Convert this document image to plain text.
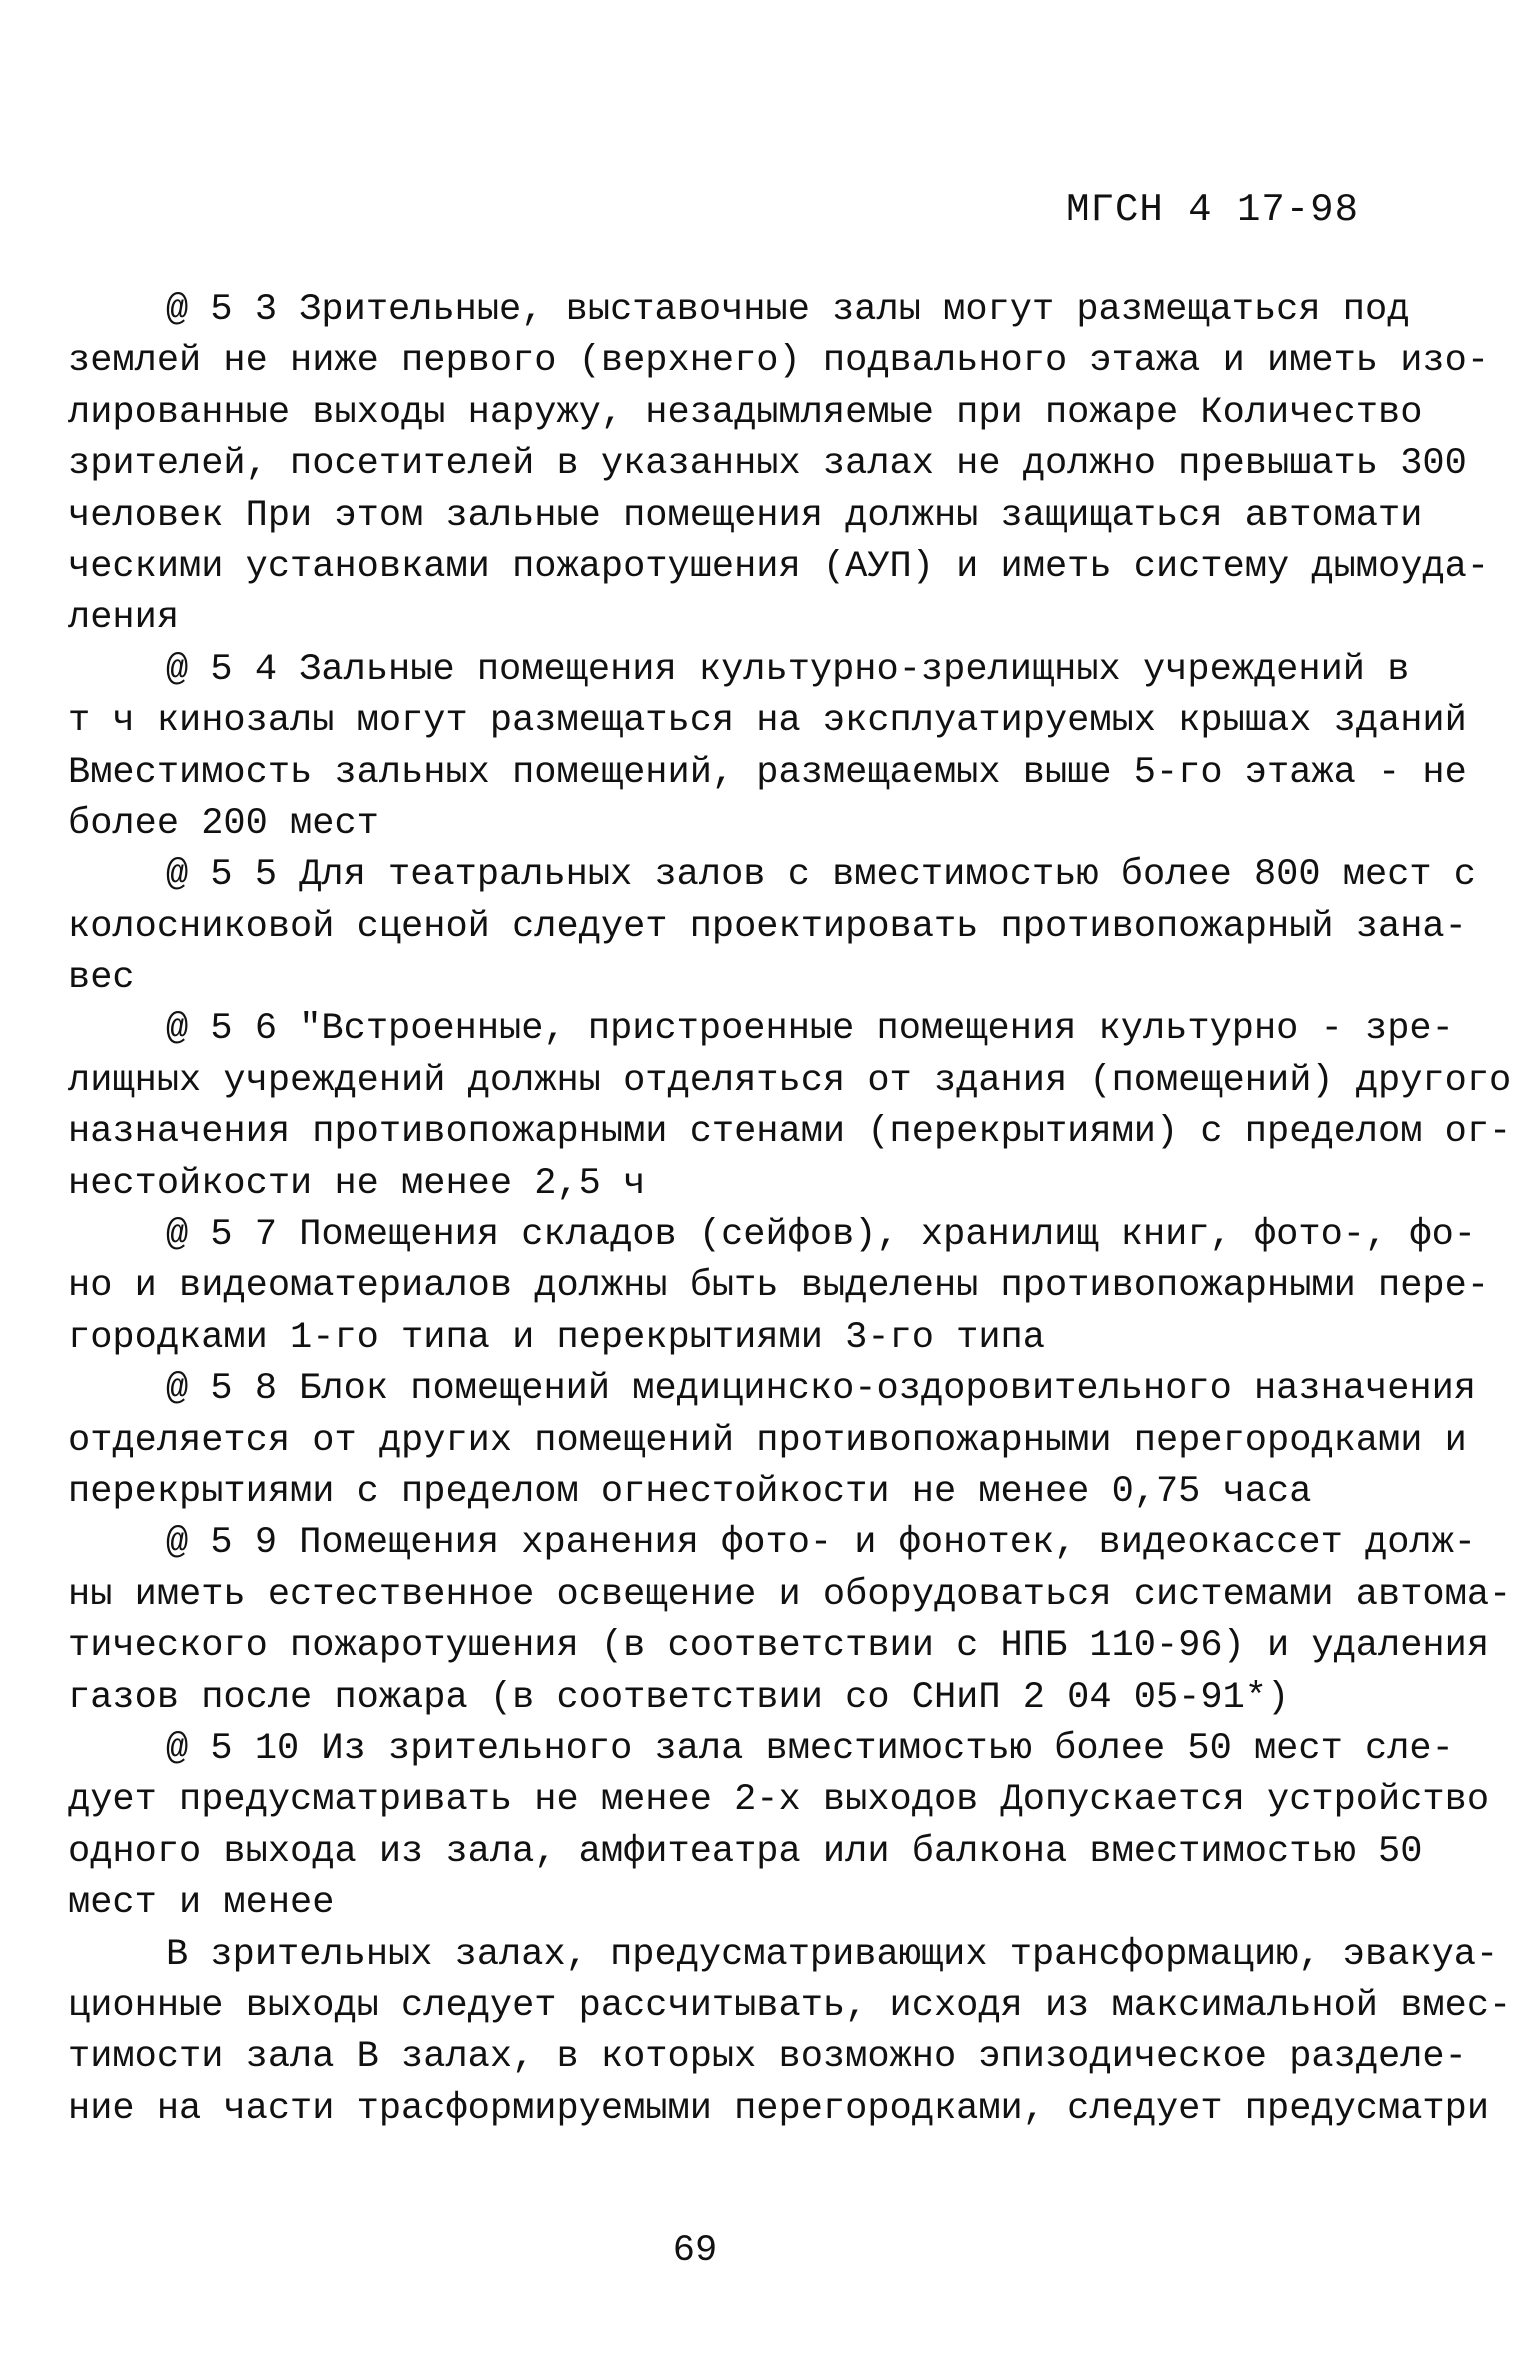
МГСН 4 17-98
@ 5 3 Зрительные, выставочные залы могут размещаться под
землей не ниже первого (верхнего) подвального этажа и иметь изо-
лированные выходы наружу, незадымляемые при пожаре Количество
зрителей, посетителей в указанных залах не должно превышать 300
человек При этом зальные помещения должны защищаться автомати
ческими установками пожаротушения (АУП) и иметь систему дымоуда-
ления
@ 5 4 Зальные помещения культурно-зрелищных учреждений в
т ч кинозалы могут размещаться на эксплуатируемых крышах зданий
Вместимость зальных помещений, размещаемых выше 5-го этажа - не
более 200 мест
@ 5 5 Для театральных залов с вместимостью более 800 мест с
колосниковой сценой следует проектировать противопожарный зана-
вес
@ 5 6 "Встроенные, пристроенные помещения культурно - зре-
лищных учреждений должны отделяться от здания (помещений) другого
назначения противопожарными стенами (перекрытиями) с пределом ог-
нестойкости не менее 2,5 ч
@ 5 7 Помещения складов (сейфов), хранилищ книг, фото-, фо-
но и видеоматериалов должны быть выделены противопожарными пере-
городками 1-го типа и перекрытиями 3-го типа
@ 5 8 Блок помещений медицинско-оздоровительного назначения
отделяется от других помещений противопожарными перегородками и
перекрытиями с пределом огнестойкости не менее 0,75 часа
@ 5 9 Помещения хранения фото- и фонотек, видеокассет долж-
ны иметь естественное освещение и оборудоваться системами автома-
тического пожаротушения (в соответствии с НПБ 110-96) и удаления
газов после пожара (в соответствии со СНиП 2 04 05-91*)
@ 5 10 Из зрительного зала вместимостью более 50 мест сле-
дует предусматривать не менее 2-х выходов Допускается устройство
одного выхода из зала, амфитеатра или балкона вместимостью 50
мест и менее
В зрительных залах, предусматривающих трансформацию, эвакуа-
ционные выходы следует рассчитывать, исходя из максимальной вмес-
тимости зала В залах, в которых возможно эпизодическое разделе-
ние на части трасформируемыми перегородками, следует предусматри
69
